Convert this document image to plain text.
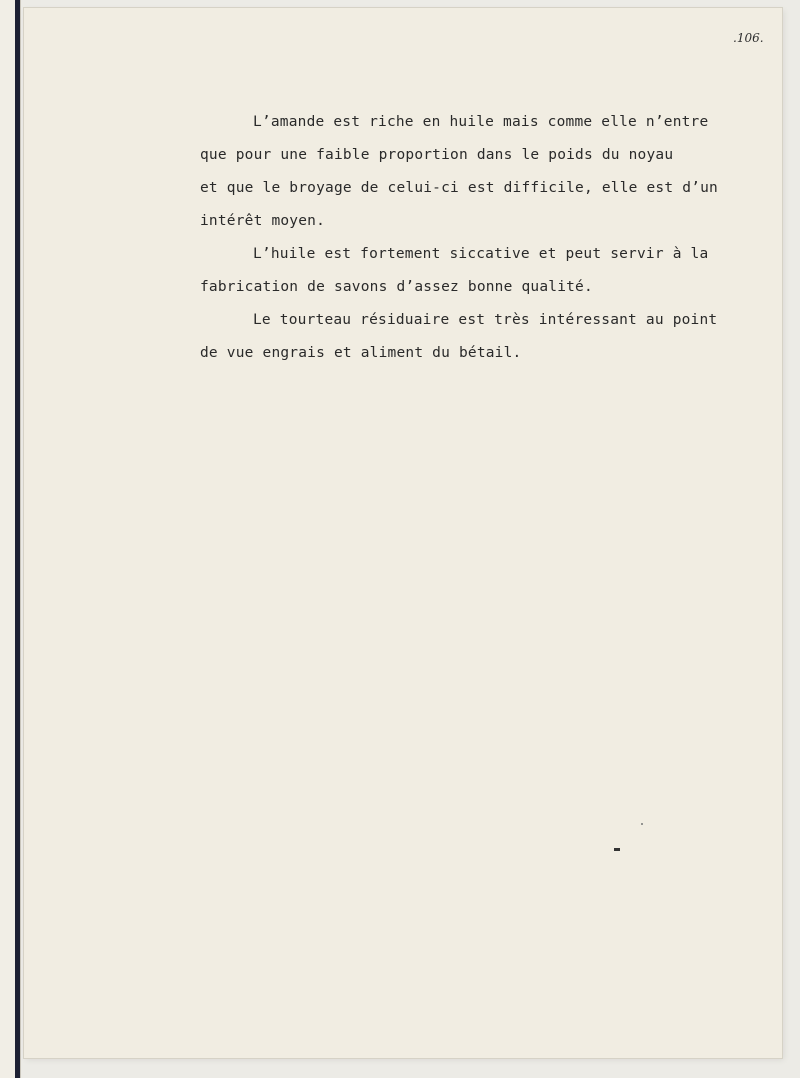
.106.
L’amande est riche en huile mais comme elle n’entre
que pour une faible proportion dans le poids du noyau
et que le broyage de celui-ci est difficile, elle est d’un
intérêt moyen.
L’huile est fortement siccative et peut servir à la
fabrication de savons d’assez bonne qualité.
Le tourteau résiduaire est très intéressant au point
de vue engrais et aliment du bétail.
